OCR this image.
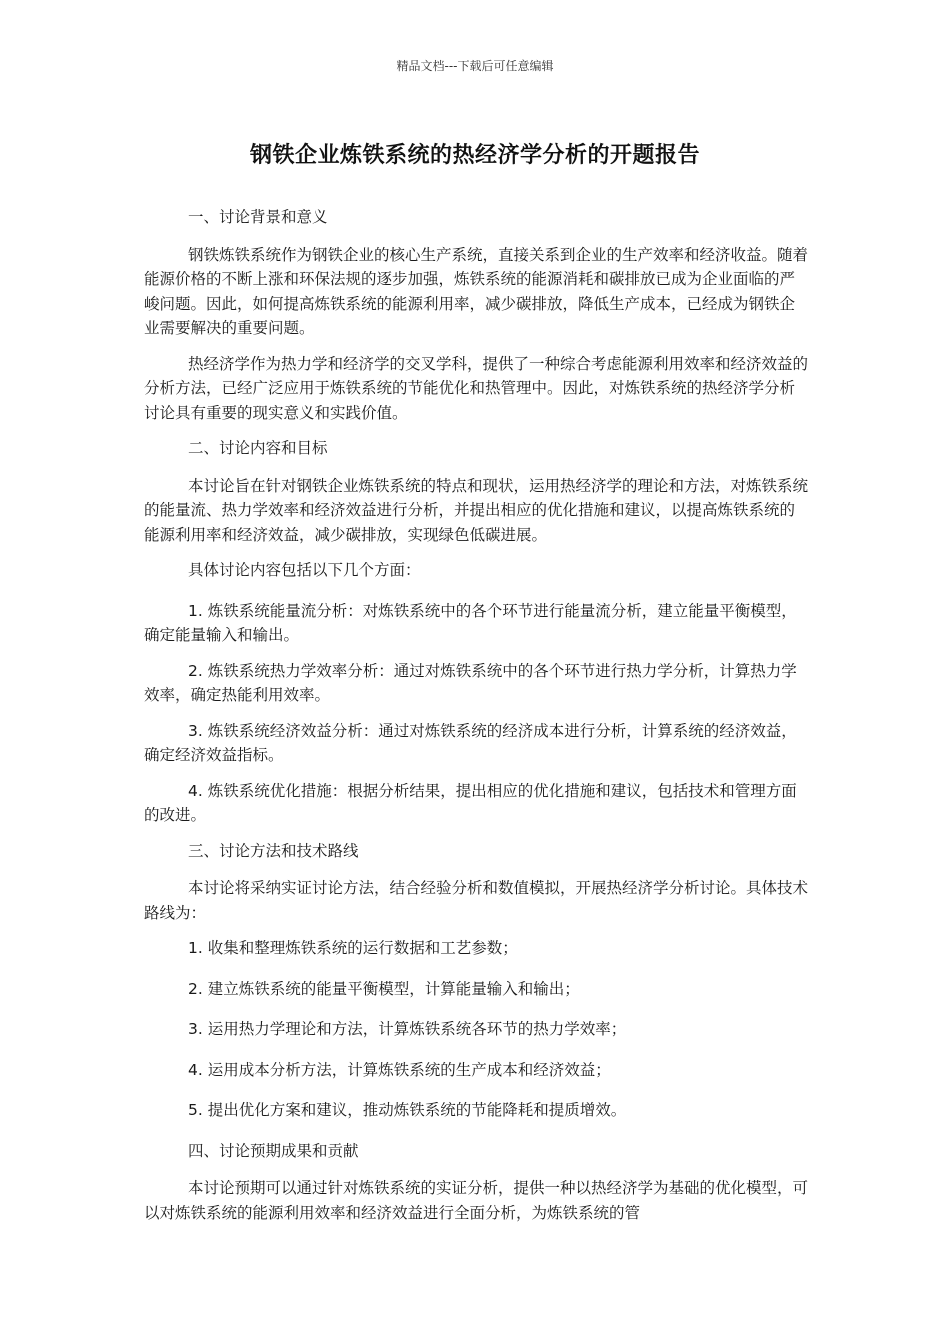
精品文档---下载后可任意编辑
钢铁企业炼铁系统的热经济学分析的开题报告

一、讨论背景和意义

钢铁炼铁系统作为钢铁企业的核心生产系统，直接关系到企业的生产效率和经济收益。随着能源价格的不断上涨和环保法规的逐步加强，炼铁系统的能源消耗和碳排放已成为企业面临的严峻问题。因此，如何提高炼铁系统的能源利用率，减少碳排放，降低生产成本，已经成为钢铁企业需要解决的重要问题。

热经济学作为热力学和经济学的交叉学科，提供了一种综合考虑能源利用效率和经济效益的分析方法，已经广泛应用于炼铁系统的节能优化和热管理中。因此，对炼铁系统的热经济学分析讨论具有重要的现实意义和实践价值。

二、讨论内容和目标

本讨论旨在针对钢铁企业炼铁系统的特点和现状，运用热经济学的理论和方法，对炼铁系统的能量流、热力学效率和经济效益进行分析，并提出相应的优化措施和建议，以提高炼铁系统的能源利用率和经济效益，减少碳排放，实现绿色低碳进展。

具体讨论内容包括以下几个方面：

1. 炼铁系统能量流分析：对炼铁系统中的各个环节进行能量流分析，建立能量平衡模型，确定能量输入和输出。

2. 炼铁系统热力学效率分析：通过对炼铁系统中的各个环节进行热力学分析，计算热力学效率，确定热能利用效率。

3. 炼铁系统经济效益分析：通过对炼铁系统的经济成本进行分析，计算系统的经济效益，确定经济效益指标。

4. 炼铁系统优化措施：根据分析结果，提出相应的优化措施和建议，包括技术和管理方面的改进。

三、讨论方法和技术路线

本讨论将采纳实证讨论方法，结合经验分析和数值模拟，开展热经济学分析讨论。具体技术路线为：

1. 收集和整理炼铁系统的运行数据和工艺参数；

2. 建立炼铁系统的能量平衡模型，计算能量输入和输出；

3. 运用热力学理论和方法，计算炼铁系统各环节的热力学效率；

4. 运用成本分析方法，计算炼铁系统的生产成本和经济效益；

5. 提出优化方案和建议，推动炼铁系统的节能降耗和提质增效。

四、讨论预期成果和贡献

本讨论预期可以通过针对炼铁系统的实证分析，提供一种以热经济学为基础的优化模型，可以对炼铁系统的能源利用效率和经济效益进行全面分析，为炼铁系统的管
